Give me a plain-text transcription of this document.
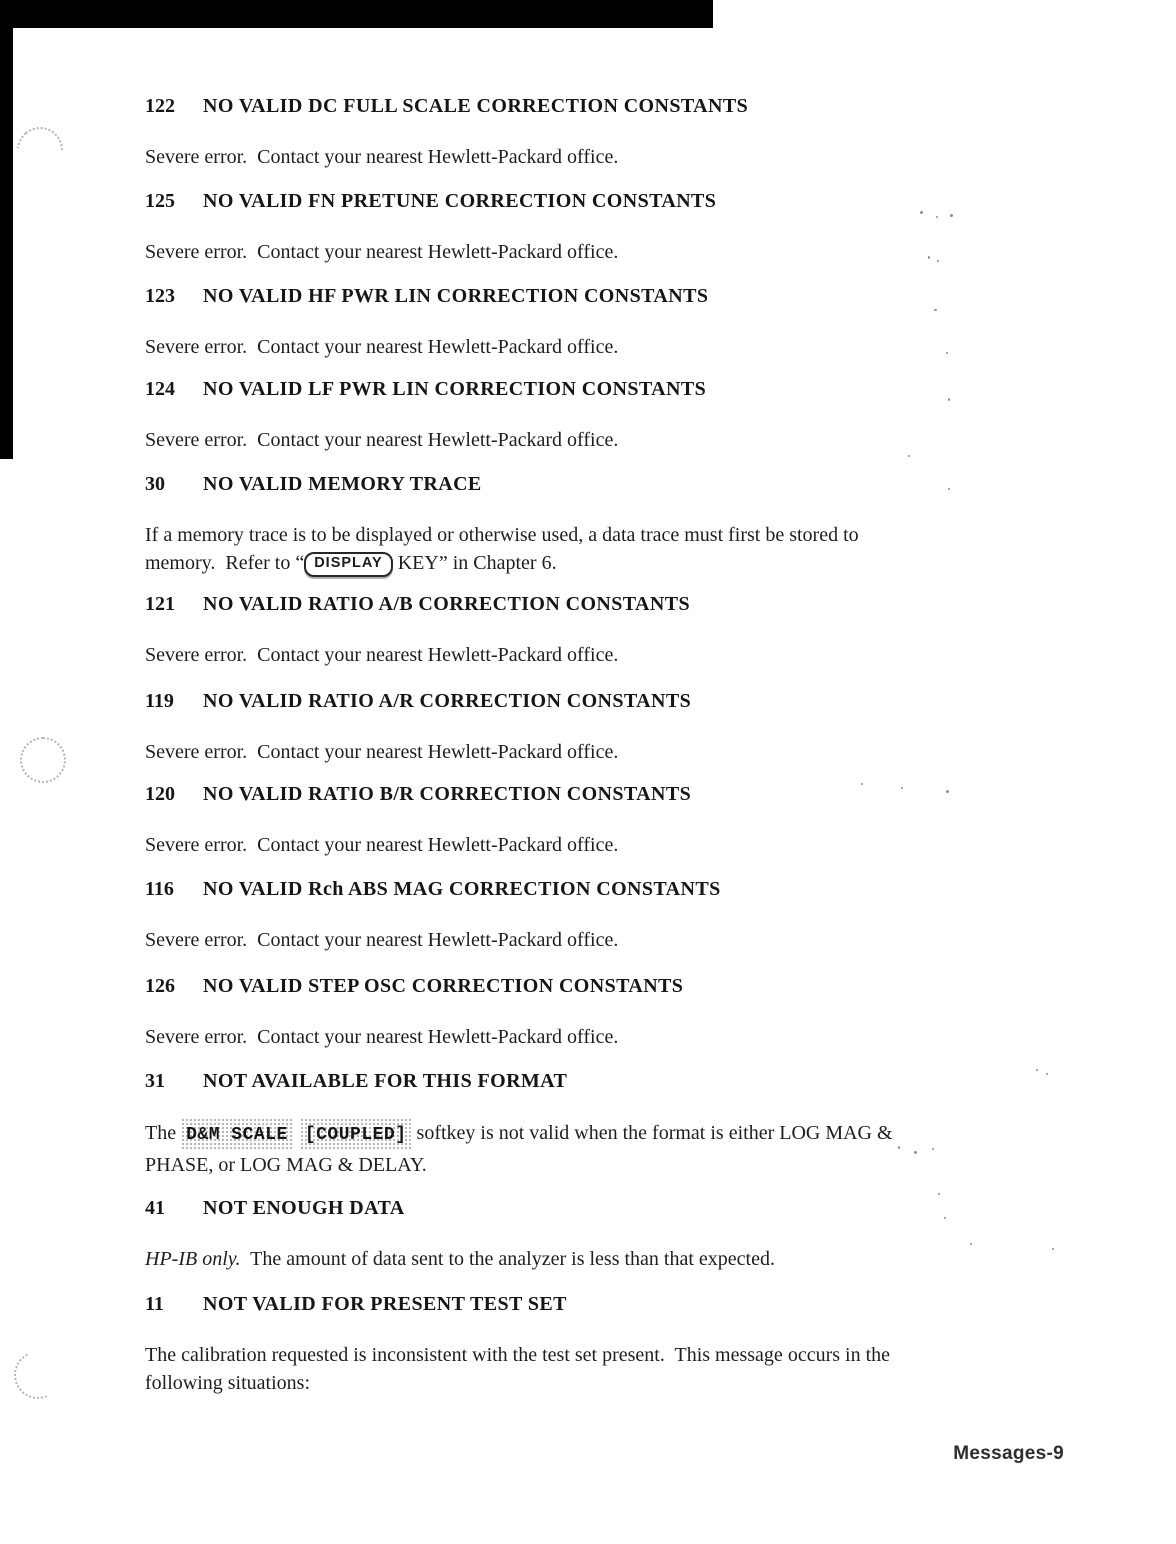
122 NO VALID DC FULL SCALE CORRECTION CONSTANTS
Severe error.  Contact your nearest Hewlett-Packard office.
125 NO VALID FN PRETUNE CORRECTION CONSTANTS
Severe error.  Contact your nearest Hewlett-Packard office.
123 NO VALID HF PWR LIN CORRECTION CONSTANTS
Severe error.  Contact your nearest Hewlett-Packard office.
124 NO VALID LF PWR LIN CORRECTION CONSTANTS
Severe error.  Contact your nearest Hewlett-Packard office.
30 NO VALID MEMORY TRACE
If a memory trace is to be displayed or otherwise used, a data trace must first be stored to
memory.  Refer to “ DISPLAY KEY” in Chapter 6.
121 NO VALID RATIO A/B CORRECTION CONSTANTS
Severe error.  Contact your nearest Hewlett-Packard office.
119 NO VALID RATIO A/R CORRECTION CONSTANTS
Severe error.  Contact your nearest Hewlett-Packard office.
120 NO VALID RATIO B/R CORRECTION CONSTANTS
Severe error.  Contact your nearest Hewlett-Packard office.
116 NO VALID Rch ABS MAG CORRECTION CONSTANTS
Severe error.  Contact your nearest Hewlett-Packard office.
126 NO VALID STEP OSC CORRECTION CONSTANTS
Severe error.  Contact your nearest Hewlett-Packard office.
31 NOT AVAILABLE FOR THIS FORMAT
The D&M SCALE [COUPLED] softkey is not valid when the format is either LOG MAG &
PHASE, or LOG MAG & DELAY.
41 NOT ENOUGH DATA
HP-IB only.  The amount of data sent to the analyzer is less than that expected.
11 NOT VALID FOR PRESENT TEST SET
The calibration requested is inconsistent with the test set present.  This message occurs in the
following situations:
Messages-9
